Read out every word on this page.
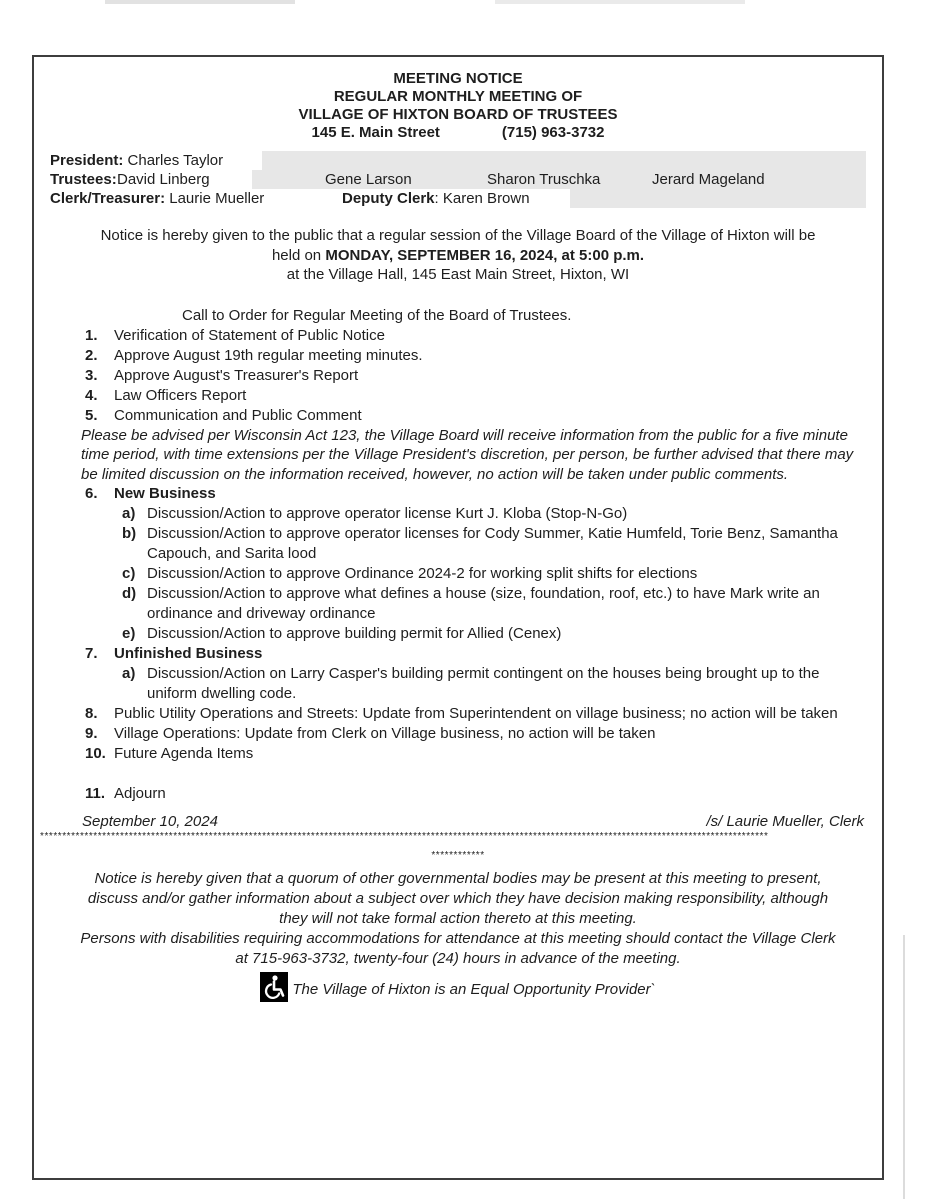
MEETING NOTICE
REGULAR MONTHLY MEETING OF
VILLAGE OF HIXTON BOARD OF TRUSTEES
145 E. Main Street	(715) 963-3732
President: Charles Taylor
Trustees: David Linberg	Gene Larson	Sharon Truschka	Jerard Mageland
Clerk/Treasurer: Laurie Mueller	Deputy Clerk: Karen Brown
Notice is hereby given to the public that a regular session of the Village Board of the Village of Hixton will be
held on MONDAY, SEPTEMBER 16, 2024, at 5:00 p.m.
at the Village Hall, 145 East Main Street, Hixton, WI
Call to Order for Regular Meeting of the Board of Trustees.
1.	Verification of Statement of Public Notice
2.	Approve August 19th regular meeting minutes.
3.	Approve August's Treasurer's Report
4.	Law Officers Report
5.	Communication and Public Comment
Please be advised per Wisconsin Act 123, the Village Board will receive information from the public for a five minute time period, with time extensions per the Village President's discretion, per person, be further advised that there may be limited discussion on the information received, however, no action will be taken under public comments.
6.	New Business
a) Discussion/Action to approve operator license Kurt J. Kloba (Stop-N-Go)
b) Discussion/Action to approve operator licenses for Cody Summer, Katie Humfeld, Torie Benz, Samantha Capouch, and Sarita lood
c) Discussion/Action to approve Ordinance 2024-2 for working split shifts for elections
d) Discussion/Action to approve what defines a house (size, foundation, roof, etc.) to have Mark write an ordinance and driveway ordinance
e) Discussion/Action to approve building permit for Allied (Cenex)
7.	Unfinished Business
a) Discussion/Action on Larry Casper's building permit contingent on the houses being brought up to the uniform dwelling code.
8.	Public Utility Operations and Streets: Update from Superintendent on village business; no action will be taken
9.	Village Operations: Update from Clerk on Village business, no action will be taken
10. Future Agenda Items
11. Adjourn
September 10, 2024	/s/ Laurie Mueller, Clerk
********************************************************************************************************************************************************************
************
Notice is hereby given that a quorum of other governmental bodies may be present at this meeting to present, discuss and/or gather information about a subject over which they have decision making responsibility, although they will not take formal action thereto at this meeting.
Persons with disabilities requiring accommodations for attendance at this meeting should contact the Village Clerk at 715-963-3732, twenty-four (24) hours in advance of the meeting.
The Village of Hixton is an Equal Opportunity Provider`
